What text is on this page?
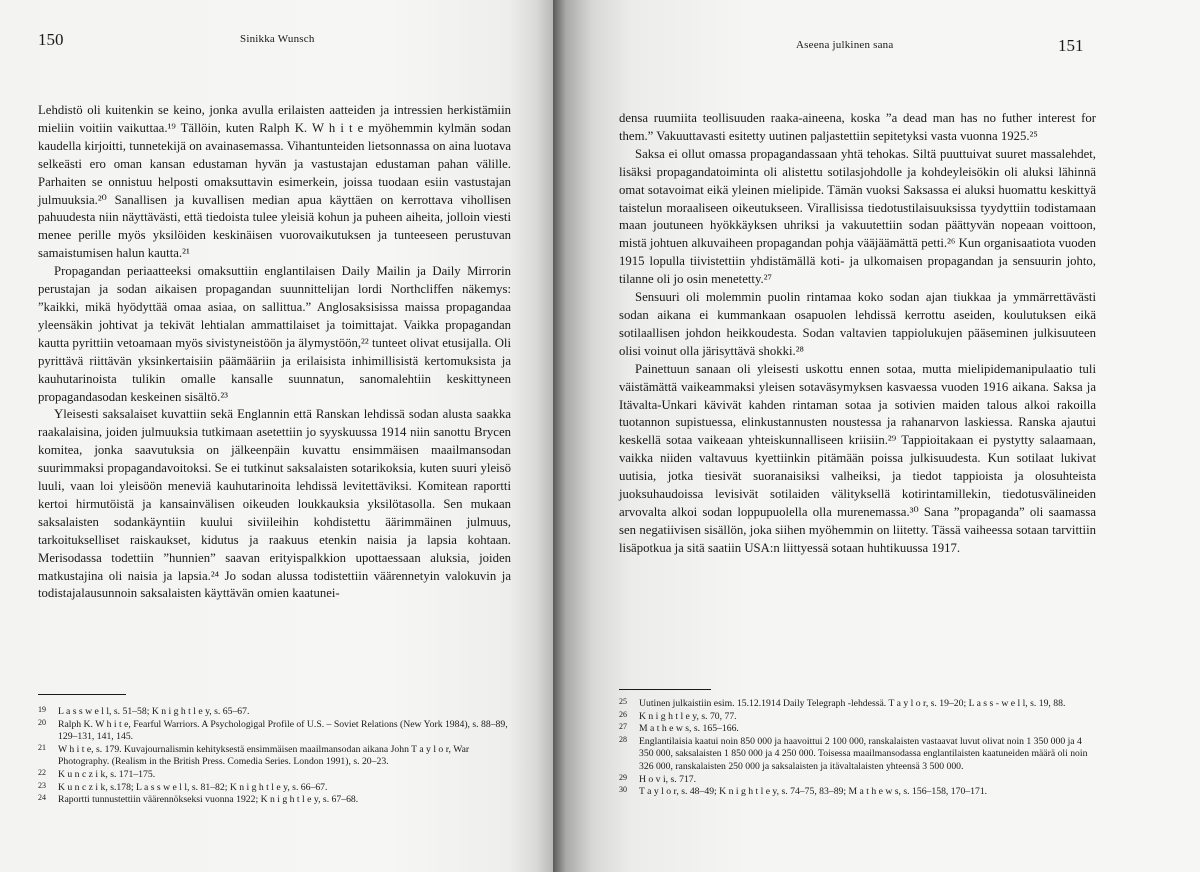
150	Sinikka Wunsch

Lehdistö oli kuitenkin se keino, jonka avulla erilaisten aatteiden ja intressien herkistämiin mieliin voitiin vaikuttaa.¹⁹ Tällöin, kuten Ralph K. W h i t e myöhemmin kylmän sodan kaudella kirjoitti, tunnetekijä on avainasemassa. Vihantunteiden lietsonnassa on aina luotava selkeästi ero oman kansan edustaman hyvän ja vastustajan edustaman pahan välille. Parhaiten se onnistuu helposti omaksuttavin esimerkein, joissa tuodaan esiin vastustajan julmuuksia.²⁰ Sanallisen ja kuvallisen median apua käyttäen on kerrottava vihollisen pahuudesta niin näyttävästi, että tiedoista tulee yleisiä kohun ja puheen aiheita, jolloin viesti menee perille myös yksilöiden keskinäisen vuorovaikutuksen ja tunteeseen perustuvan samaistumisen halun kautta.²¹

Propagandan periaatteeksi omaksuttiin englantilaisen Daily Mailin ja Daily Mirrorin perustajan ja sodan aikaisen propagandan suunnittelijan lordi Northcliffen näkemys: ”kaikki, mikä hyödyttää omaa asiaa, on sallittua.” Anglosaksisissa maissa propagandaa yleensäkin johtivat ja tekivät lehtialan ammattilaiset ja toimittajat. Vaikka propagandan kautta pyrittiin vetoamaan myös sivistyneistöön ja älymystöön,²² tunteet olivat etusijalla. Oli pyrittävä riittävän yksinkertaisiin päämääriin ja erilaisista inhimillisistä kertomuksista ja kauhutarinoista tulikin omalle kansalle suunnatun, sanomalehtiin keskittyneen propagandasodan keskeinen sisältö.²³

Yleisesti saksalaiset kuvattiin sekä Englannin että Ranskan lehdissä sodan alusta saakka raakalaisina, joiden julmuuksia tutkimaan asetettiin jo syyskuussa 1914 niin sanottu Brycen komitea, jonka saavutuksia on jälkeenpäin kuvattu ensimmäisen maailmansodan suurimmaksi propagandavoitoksi. Se ei tutkinut saksalaisten sotarikoksia, kuten suuri yleisö luuli, vaan loi yleisöön meneviä kauhutarinoita lehdissä levitettäviksi. Komitean raportti kertoi hirmutöistä ja kansainvälisen oikeuden loukkauksia yksilötasolla. Sen mukaan saksalaisten sodankäyntiin kuului siviileihin kohdistettu äärimmäinen julmuus, tarkoitukselliset raiskaukset, kidutus ja raakuus etenkin naisia ja lapsia kohtaan. Merisodassa todettiin ”hunnien” saavan erityispalkkion upottaessaan aluksia, joiden matkustajina oli naisia ja lapsia.²⁴ Jo sodan alussa todistettiin väärennetyin valokuvin ja todistajalausunnoin saksalaisten käyttävän omien kaatunei-

19	L a s s w e l l, s. 51–58; K n i g h t l e y, s. 65–67.
20	Ralph K. W h i t e, Fearful Warriors. A Psychologigal Profile of U.S. – Soviet Relations (New York 1984), s. 88–89, 129–131, 141, 145.
21	W h i t e, s. 179. Kuvajournalismin kehityksestä ensimmäisen maailmansodan aikana John T a y l o r, War Photography. (Realism in the British Press. Comedia Series. London 1991), s. 20–23.
22	K u n c z i k, s. 171–175.
23	K u n c z i k, s.178; L a s s w e l l, s. 81–82; K n i g h t l e y, s. 66–67.
24	Raportti tunnustettiin väärennökseksi vuonna 1922; K n i g h t l e y, s. 67–68.
Aseena julkinen sana	151

densa ruumiita teollisuuden raaka-aineena, koska ”a dead man has no futher interest for them.” Vakuuttavasti esitetty uutinen paljastettiin sepitetyksi vasta vuonna 1925.²⁵

Saksa ei ollut omassa propagandassaan yhtä tehokas. Siltä puuttuivat suuret massalehdet, lisäksi propagandatoiminta oli alistettu sotilasjohdolle ja kohdeyleisökin oli aluksi lähinnä omat sotavoimat eikä yleinen mielipide. Tämän vuoksi Saksassa ei aluksi huomattu keskittyä taistelun moraaliseen oikeutukseen. Virallisissa tiedotustilaisuuksissa tyydyttiin todistamaan maan joutuneen hyökkäyksen uhriksi ja vakuutettiin sodan päättyvän nopeaan voittoon, mistä johtuen alkuvaiheen propagandan pohja vääjäämättä petti.²⁶ Kun organisaatiota vuoden 1915 lopulla tiivistettiin yhdistämällä koti- ja ulkomaisen propagandan ja sensuurin johto, tilanne oli jo osin menetetty.²⁷

Sensuuri oli molemmin puolin rintamaa koko sodan ajan tiukkaa ja ymmärrettävästi sodan aikana ei kummankaan osapuolen lehdissä kerrottu aseiden, koulutuksen eikä sotilaallisen johdon heikkoudesta. Sodan valtavien tappiolukujen pääseminen julkisuuteen olisi voinut olla järisyttävä shokki.²⁸

Painettuun sanaan oli yleisesti uskottu ennen sotaa, mutta mielipidemanipulaatio tuli väistämättä vaikeammaksi yleisen sotaväsymyksen kasvaessa vuoden 1916 aikana. Saksa ja Itävalta-Unkari kävivät kahden rintaman sotaa ja sotivien maiden talous alkoi rakoilla tuotannon supistuessa, elinkustannusten noustessa ja rahanarvon laskiessa. Ranska ajautui keskellä sotaa vaikeaan yhteiskunnalliseen kriisiin.²⁹ Tappioitakaan ei pystytty salaamaan, vaikka niiden valtavuus kyettiinkin pitämään poissa julkisuudesta. Kun sotilaat lukivat uutisia, jotka tiesivät suoranaisiksi valheiksi, ja tiedot tappioista ja olosuhteista juoksuhaudoissa levisivät sotilaiden välityksellä kotirintamillekin, tiedotusvälineiden arvovalta alkoi sodan loppupuolella olla murenemassa.³⁰ Sana ”propaganda” oli saamassa sen negatiivisen sisällön, joka siihen myöhemmin on liitetty. Tässä vaiheessa sotaan tarvittiin lisäpotkua ja sitä saatiin USA:n liittyessä sotaan huhtikuussa 1917.

25	Uutinen julkaistiin esim. 15.12.1914 Daily Telegraph -lehdessä. T a y l o r, s. 19–20; L a s s - w e l l, s. 19, 88.
26	K n i g h t l e y, s. 70, 77.
27	M a t h e w s, s. 165–166.
28	Englantilaisia kaatui noin 850 000 ja haavoittui 2 100 000, ranskalaisten vastaavat luvut olivat noin 1 350 000 ja 4 350 000, saksalaisten 1 850 000 ja 4 250 000. Toisessa maailmansodassa englantilaisten kaatuneiden määrä oli noin 326 000, ranskalaisten 250 000 ja saksalaisten ja itävaltalaisten yhteensä 3 500 000.
29	H o v i, s. 717.
30	T a y l o r, s. 48–49; K n i g h t l e y, s. 74–75, 83–89; M a t h e w s, s. 156–158, 170–171.
